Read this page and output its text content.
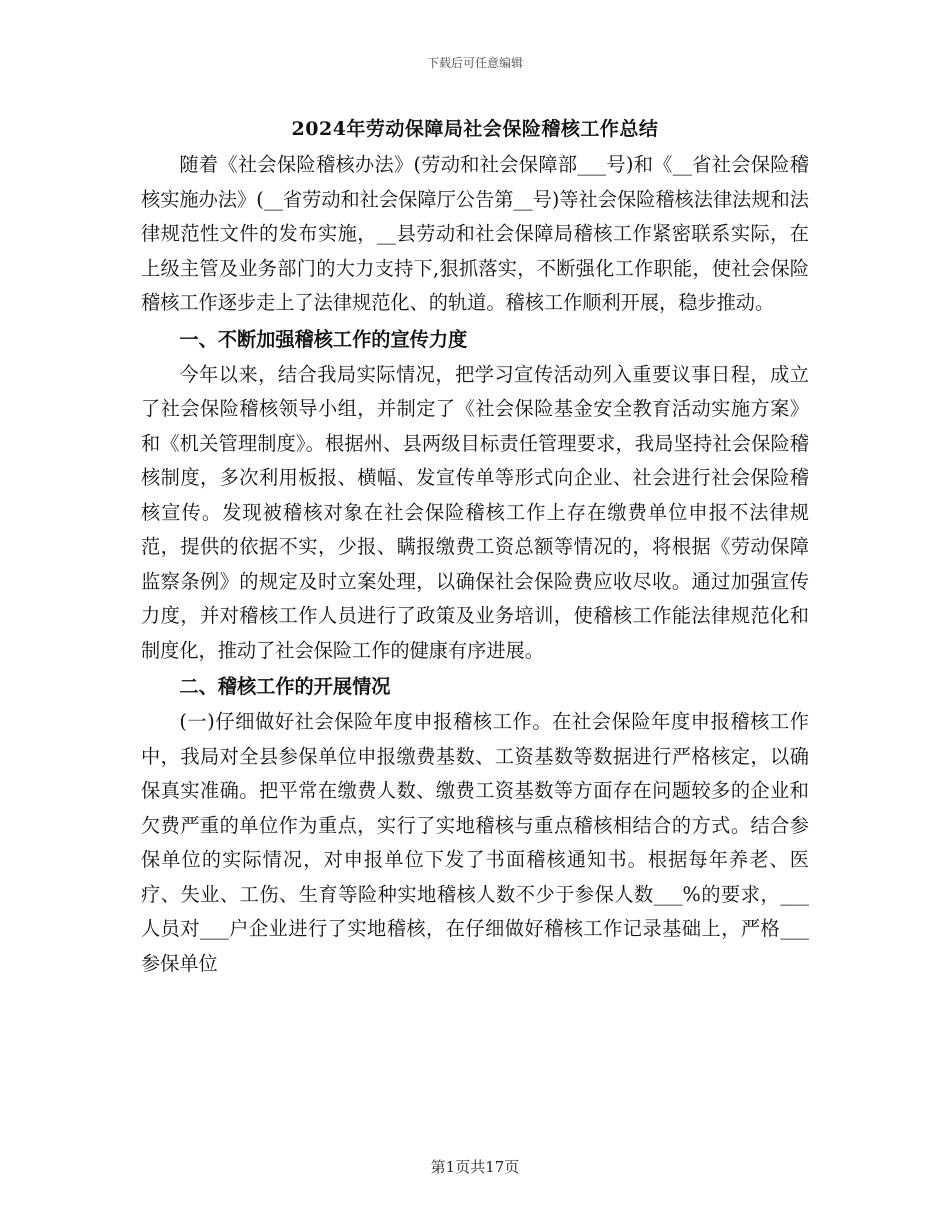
下载后可任意编辑
2024年劳动保障局社会保险稽核工作总结

随着《社会保险稽核办法》(劳动和社会保障部___号)和《__省社会保险稽核实施办法》(__省劳动和社会保障厅公告第__号)等社会保险稽核法律法规和法律规范性文件的发布实施，__县劳动和社会保障局稽核工作紧密联系实际，在上级主管及业务部门的大力支持下,狠抓落实，不断强化工作职能，使社会保险稽核工作逐步走上了法律规范化、的轨道。稽核工作顺利开展，稳步推动。

一、不断加强稽核工作的宣传力度

今年以来，结合我局实际情况，把学习宣传活动列入重要议事日程，成立了社会保险稽核领导小组，并制定了《社会保险基金安全教育活动实施方案》和《机关管理制度》。根据州、县两级目标责任管理要求，我局坚持社会保险稽核制度，多次利用板报、横幅、发宣传单等形式向企业、社会进行社会保险稽核宣传。发现被稽核对象在社会保险稽核工作上存在缴费单位申报不法律规范，提供的依据不实，少报、瞒报缴费工资总额等情况的，将根据《劳动保障监察条例》的规定及时立案处理，以确保社会保险费应收尽收。通过加强宣传力度，并对稽核工作人员进行了政策及业务培训，使稽核工作能法律规范化和制度化，推动了社会保险工作的健康有序进展。

二、稽核工作的开展情况

(一)仔细做好社会保险年度申报稽核工作。在社会保险年度申报稽核工作中，我局对全县参保单位申报缴费基数、工资基数等数据进行严格核定，以确保真实准确。把平常在缴费人数、缴费工资基数等方面存在问题较多的企业和欠费严重的单位作为重点，实行了实地稽核与重点稽核相结合的方式。结合参保单位的实际情况，对申报单位下发了书面稽核通知书。根据每年养老、医疗、失业、工伤、生育等险种实地稽核人数不少于参保人数___%的要求，___人员对___户企业进行了实地稽核，在仔细做好稽核工作记录基础上，严格___参保单位

第1页共17页
